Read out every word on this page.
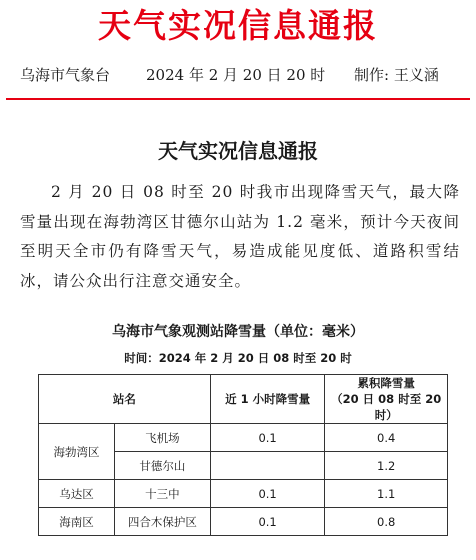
天气实况信息通报
乌海市气象台 2024 年 2 月 20 日 20 时 制作: 王义涵
天气实况信息通报
2 月 20 日 08 时至 20 时我市出现降雪天气，最大降雪量出现在海勃湾区甘德尔山站为 1.2 毫米，预计今天夜间至明天全市仍有降雪天气，易造成能见度低、道路积雪结冰，请公众出行注意交通安全。
乌海市气象观测站降雪量（单位：毫米）
时间：2024 年 2 月 20 日 08 时至 20 时
站名		近 1 小时降雪量	累积降雪量
（20 日 08 时至 20 时）
海勃湾区	飞机场	0.1	0.4
	甘德尔山		1.2
乌达区	十三中	0.1	1.1
海南区	四合木保护区	0.1	0.8
